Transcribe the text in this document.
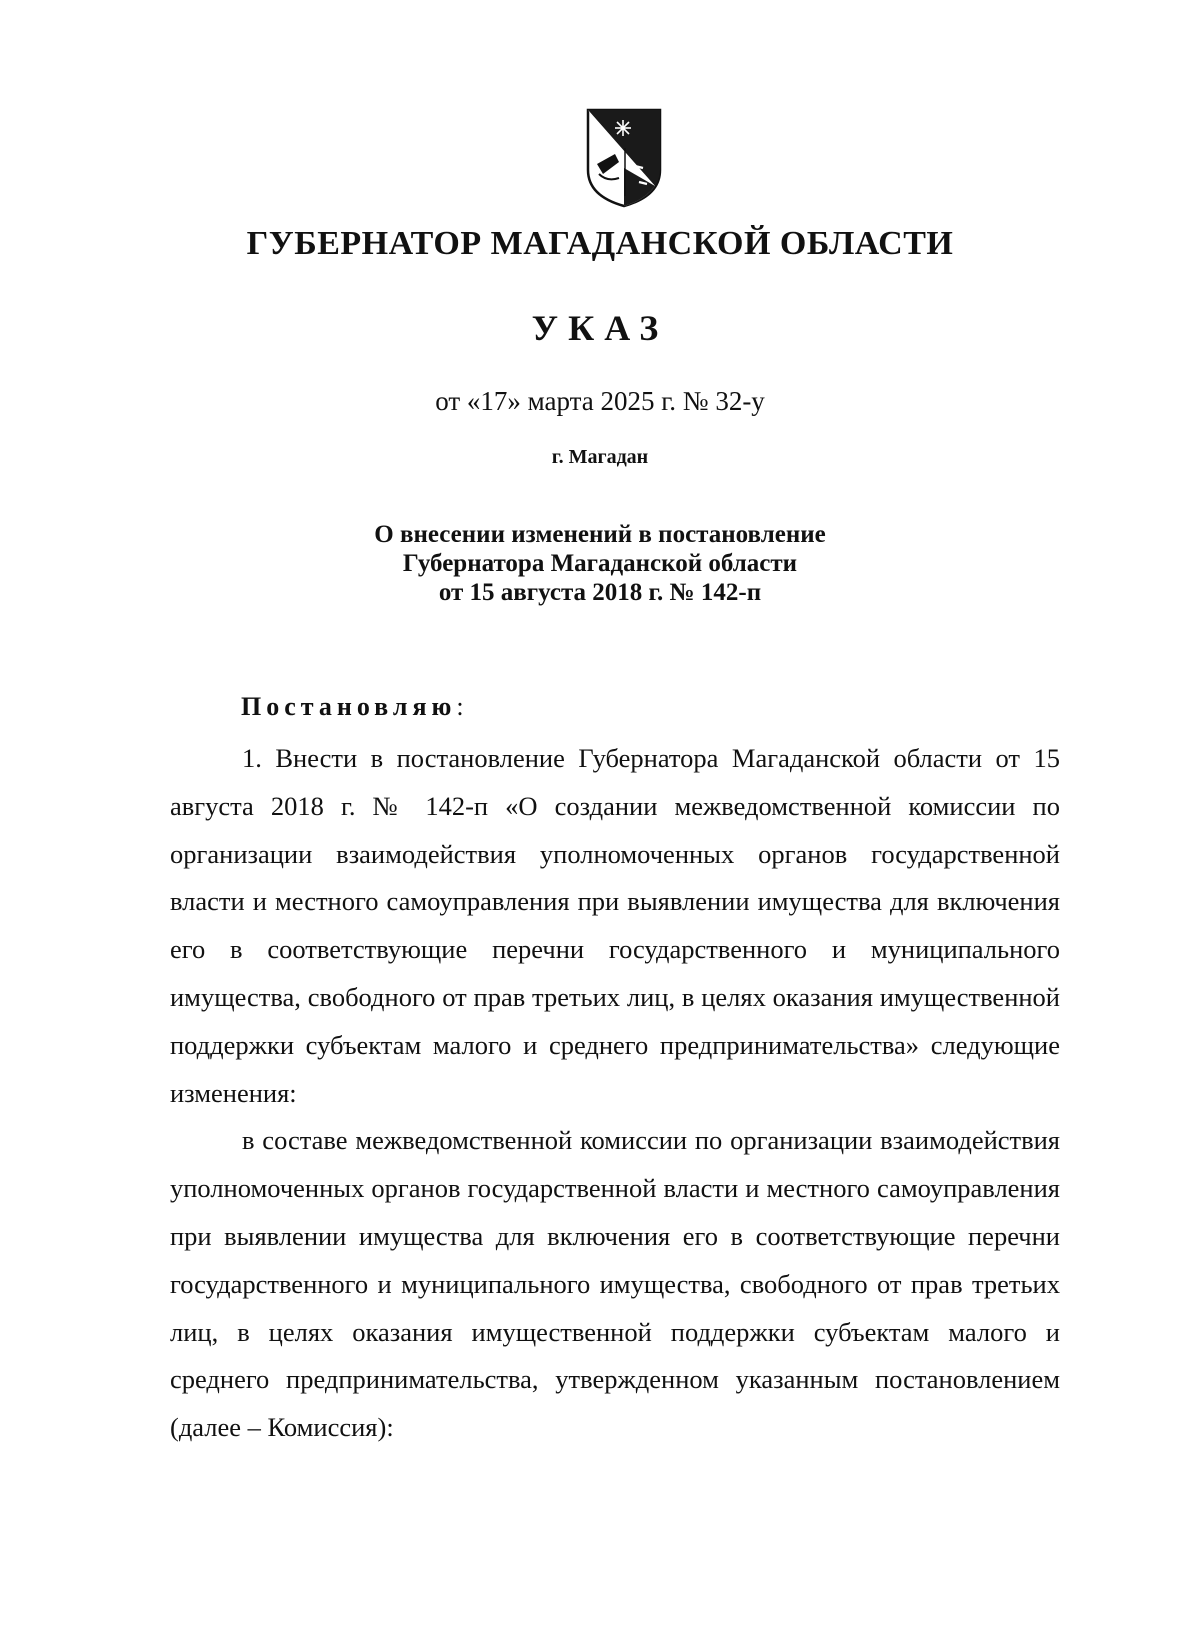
ГУБЕРНАТОР МАГАДАНСКОЙ ОБЛАСТИ
УКАЗ
от «17» марта 2025 г. № 32-у
г. Магадан
О внесении изменений в постановление
Губернатора Магаданской области
от 15 августа 2018 г. № 142-п
Постановляю:

1. Внести в постановление Губернатора Магаданской области от 15 августа 2018 г. № 142-п «О создании межведомственной комиссии по организации взаимодействия уполномоченных органов государственной власти и местного самоуправления при выявлении имущества для включения его в соответствующие перечни государственного и муниципального имущества, свободного от прав третьих лиц, в целях оказания имущественной поддержки субъектам малого и среднего предпринимательства» следующие изменения:

в составе межведомственной комиссии по организации взаимодействия уполномоченных органов государственной власти и местного самоуправления при выявлении имущества для включения его в соответствующие перечни государственного и муниципального имущества, свободного от прав третьих лиц, в целях оказания имущественной поддержки субъектам малого и среднего предпринимательства, утвержденном указанным постановлением (далее – Комиссия):
